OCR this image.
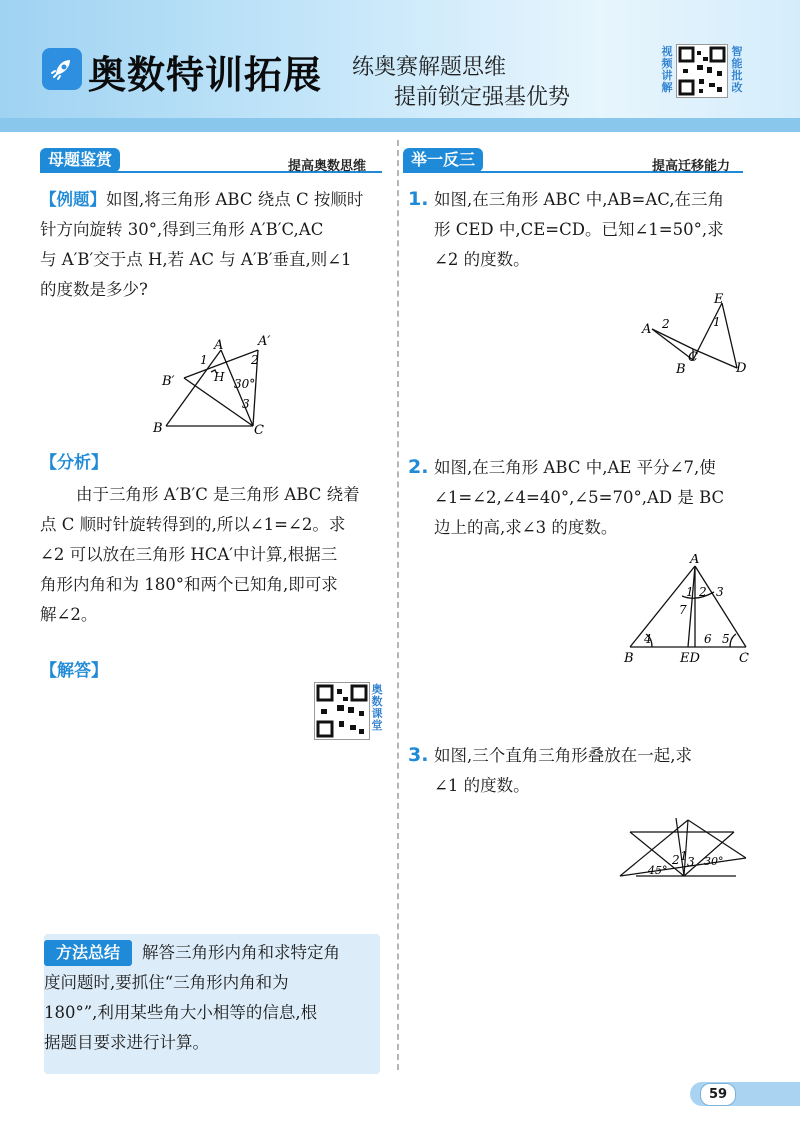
奥数特训拓展 练奥赛解题思维
提前锁定强基优势
视频讲解
智能批改
母题鉴赏	提高奥数思维
【例题】如图,将三角形 ABC 绕点 C 按顺时
针方向旋转 30°,得到三角形 A′B′C,AC
与 A′B′交于点 H,若 AC 与 A′B′垂直,则∠1
的度数是多少?
A	A′
B′
B	C
H
1	2
3
30°
【分析】
由于三角形 A′B′C 是三角形 ABC 绕着
点 C 顺时针旋转得到的,所以∠1=∠2。求
∠2 可以放在三角形 HCA′中计算,根据三
角形内角和为 180°和两个已知角,即可求
解∠2。
【解答】
奥数课堂
方法总结	解答三角形内角和求特定角
度问题时,要抓住“三角形内角和为
180°”,利用某些角大小相等的信息,根
据题目要求进行计算。
举一反三	提高迁移能力
1. 如图,在三角形 ABC 中,AB=AC,在三角
形 CED 中,CE=CD。已知∠1=50°,求
∠2 的度数。
A
B
C
D
E
1
2
2. 如图,在三角形 ABC 中,AE 平分∠7,使
∠1=∠2,∠4=40°,∠5=70°,AD 是 BC
边上的高,求∠3 的度数。
A
B	ED	C
1 2 3
4	5
6
7
3. 如图,三个直角三角形叠放在一起,求
∠1 的度数。
45°
30°
2 1 3
59
